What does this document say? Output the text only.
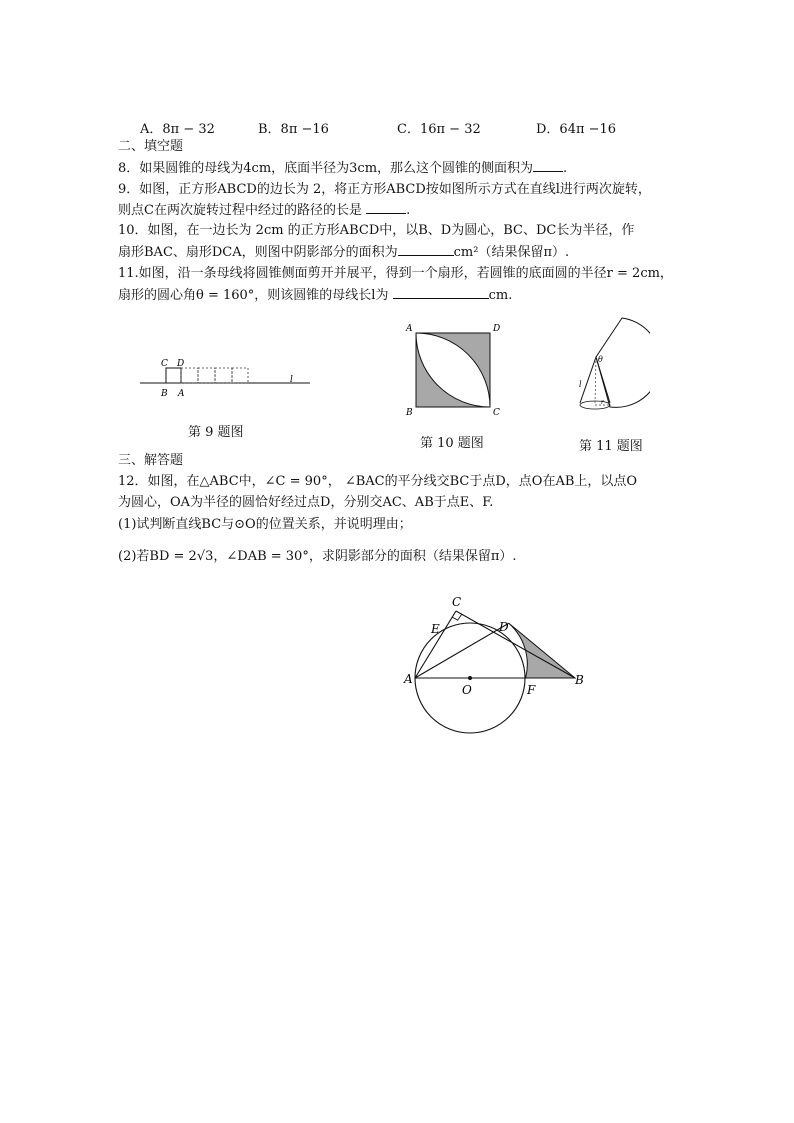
A．8π − 32	B．8π −16	C．16π − 32	D．64π −16
二、填空题
8．如果圆锥的母线为4cm，底面半径为3cm，那么这个圆锥的侧面积为 .
9．如图，正方形ABCD的边长为 2，将正方形ABCD按如图所示方式在直线l进行两次旋转，
则点C在两次旋转过程中经过的路径的长是	.
10．如图，在一边长为 2cm 的正方形ABCD中，以B、D为圆心，BC、DC长为半径，作
扇形BAC、扇形DCA，则图中阴影部分的面积为	cm²（结果保留π）.
11.如图，沿一条母线将圆锥侧面剪开并展平，得到一个扇形，若圆锥的底面圆的半径r = 2cm，
扇形的圆心角θ = 160°，则该圆锥的母线长l为	cm.
C D
B A
l
第 9 题图
A	D
B	C
第 10 题图
θ
l
r
第 11 题图
三、解答题
12．如图，在△ABC中，∠C = 90°， ∠BAC的平分线交BC于点D，点O在AB上，以点O
为圆心，OA为半径的圆恰好经过点D，分别交AC、AB于点E、F.
(1)试判断直线BC与⊙O的位置关系，并说明理由；
(2)若BD = 2√3，∠DAB = 30°，求阴影部分的面积（结果保留π）.
C
E	D
A
O	F
B
